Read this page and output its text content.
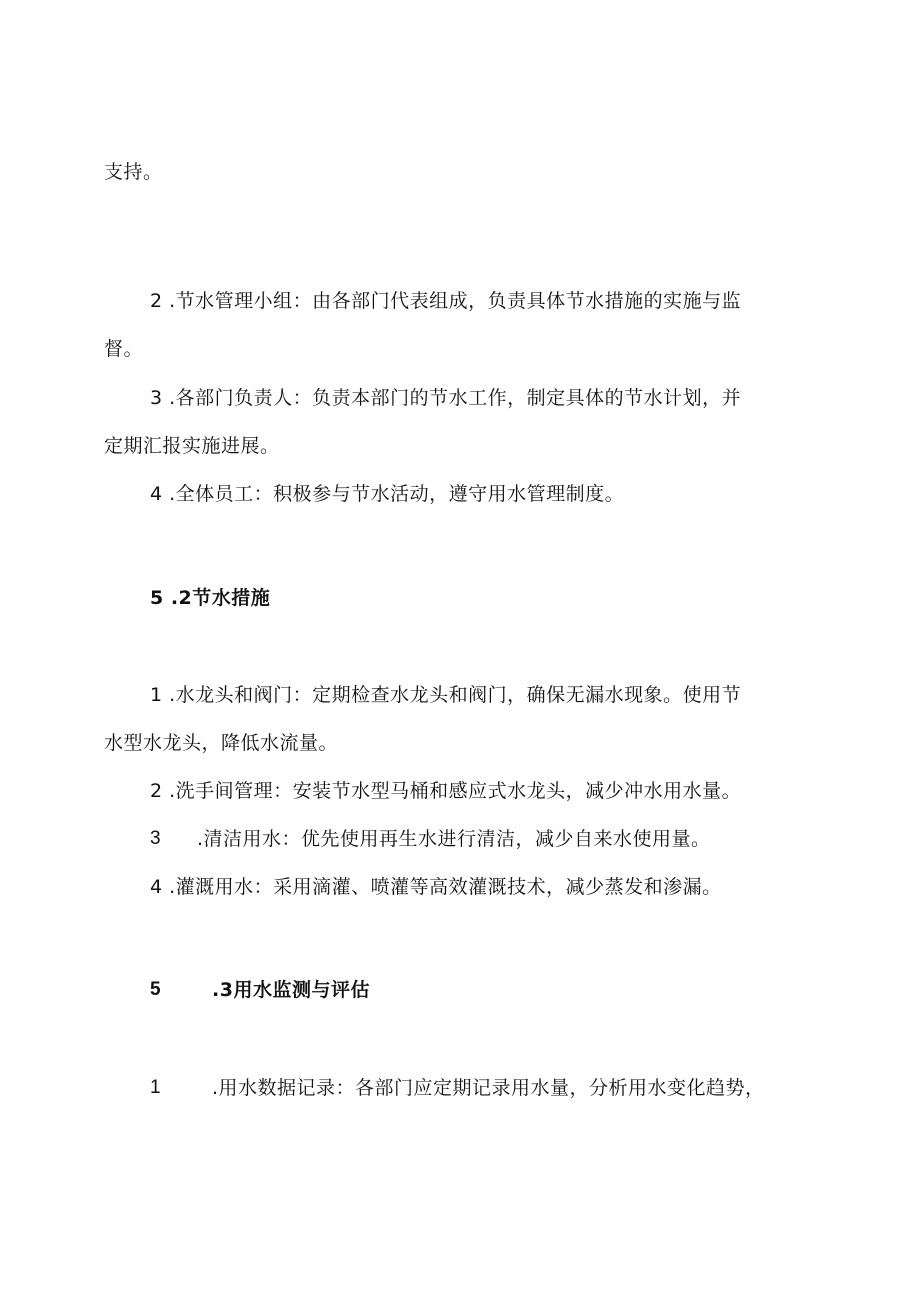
支持。
2 .节水管理小组：由各部门代表组成，负责具体节水措施的实施与监
督。
3 .各部门负责人：负责本部门的节水工作，制定具体的节水计划，并
定期汇报实施进展。
4 .全体员工：积极参与节水活动，遵守用水管理制度。
5 .2节水措施
1 .水龙头和阀门：定期检查水龙头和阀门，确保无漏水现象。使用节
水型水龙头，降低水流量。
2 .洗手间管理：安装节水型马桶和感应式水龙头，减少冲水用水量。
3 .清洁用水：优先使用再生水进行清洁，减少自来水使用量。
4 .灌溉用水：采用滴灌、喷灌等高效灌溉技术，减少蒸发和渗漏。
5	.3用水监测与评估
1	.用水数据记录：各部门应定期记录用水量，分析用水变化趋势，
